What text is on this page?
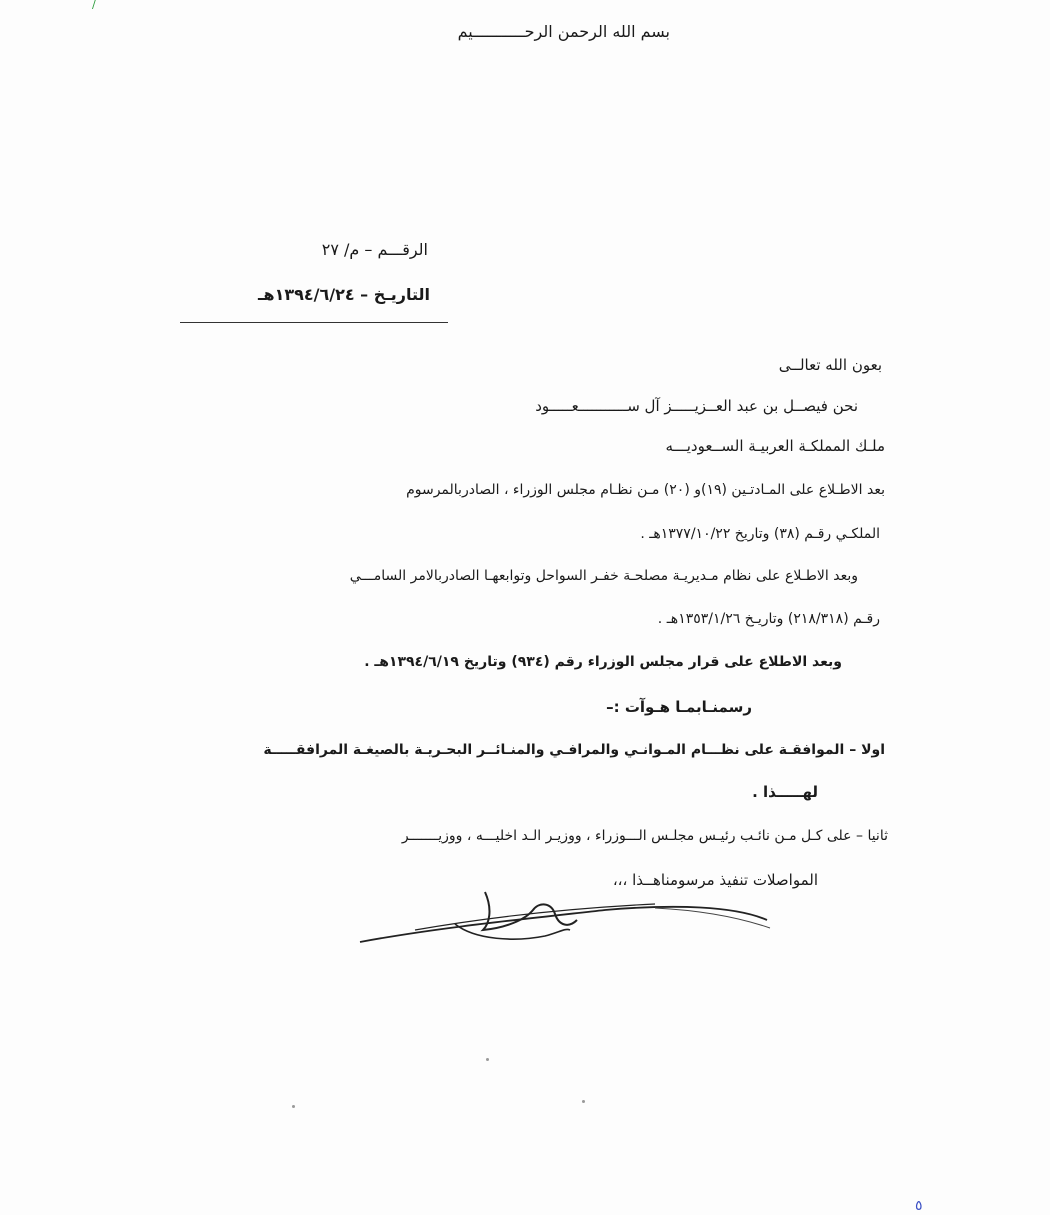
∕
بسم الله الرحمن الرحـــــــــــيم
الرقـــم – م/ ٢٧
التاريـخ – ١٣٩٤/٦/٢٤هـ
بعون الله تعالــى
نحن فيصــل بن عبد العــزيـــــز آل ســـــــــــعـــــود
ملـك المملكـة العربيـة الســعوديـــه
بعد الاطـلاع على المـادتـين (١٩)و (٢٠) مـن نظـام مجلس الوزراء ، الصادربالمرسوم
الملكـي رقـم (٣٨) وتاريخ ١٣٧٧/١٠/٢٢هـ .
وبعد الاطـلاع على نظام مـديريـة مصلحـة خفـر السواحل وتوابعهـا الصادربالامر السامـــي
رقـم (٢١٨/٣١٨) وتاريـخ ١٣٥٣/١/٢٦هـ .
وبعد الاطلاع على قرار مجلس الوزراء رقم (٩٣٤) وتاريخ ١٣٩٤/٦/١٩هـ .
رسمنـابمـا هـوآت :–
اولا – الموافقـة على نظـــام المـوانـي والمرافـي والمنـائــر البحـريـة بالصيغـة المرافقـــــة
لهـــــذا .
ثانيا – على كـل مـن نائـب رئيـس مجلـس الـــوزراء ، ووزيـر الـد اخليـــه ، ووزيـــــــر
المواصلات تنفيذ مرسومناهــذا ،،،
٥
